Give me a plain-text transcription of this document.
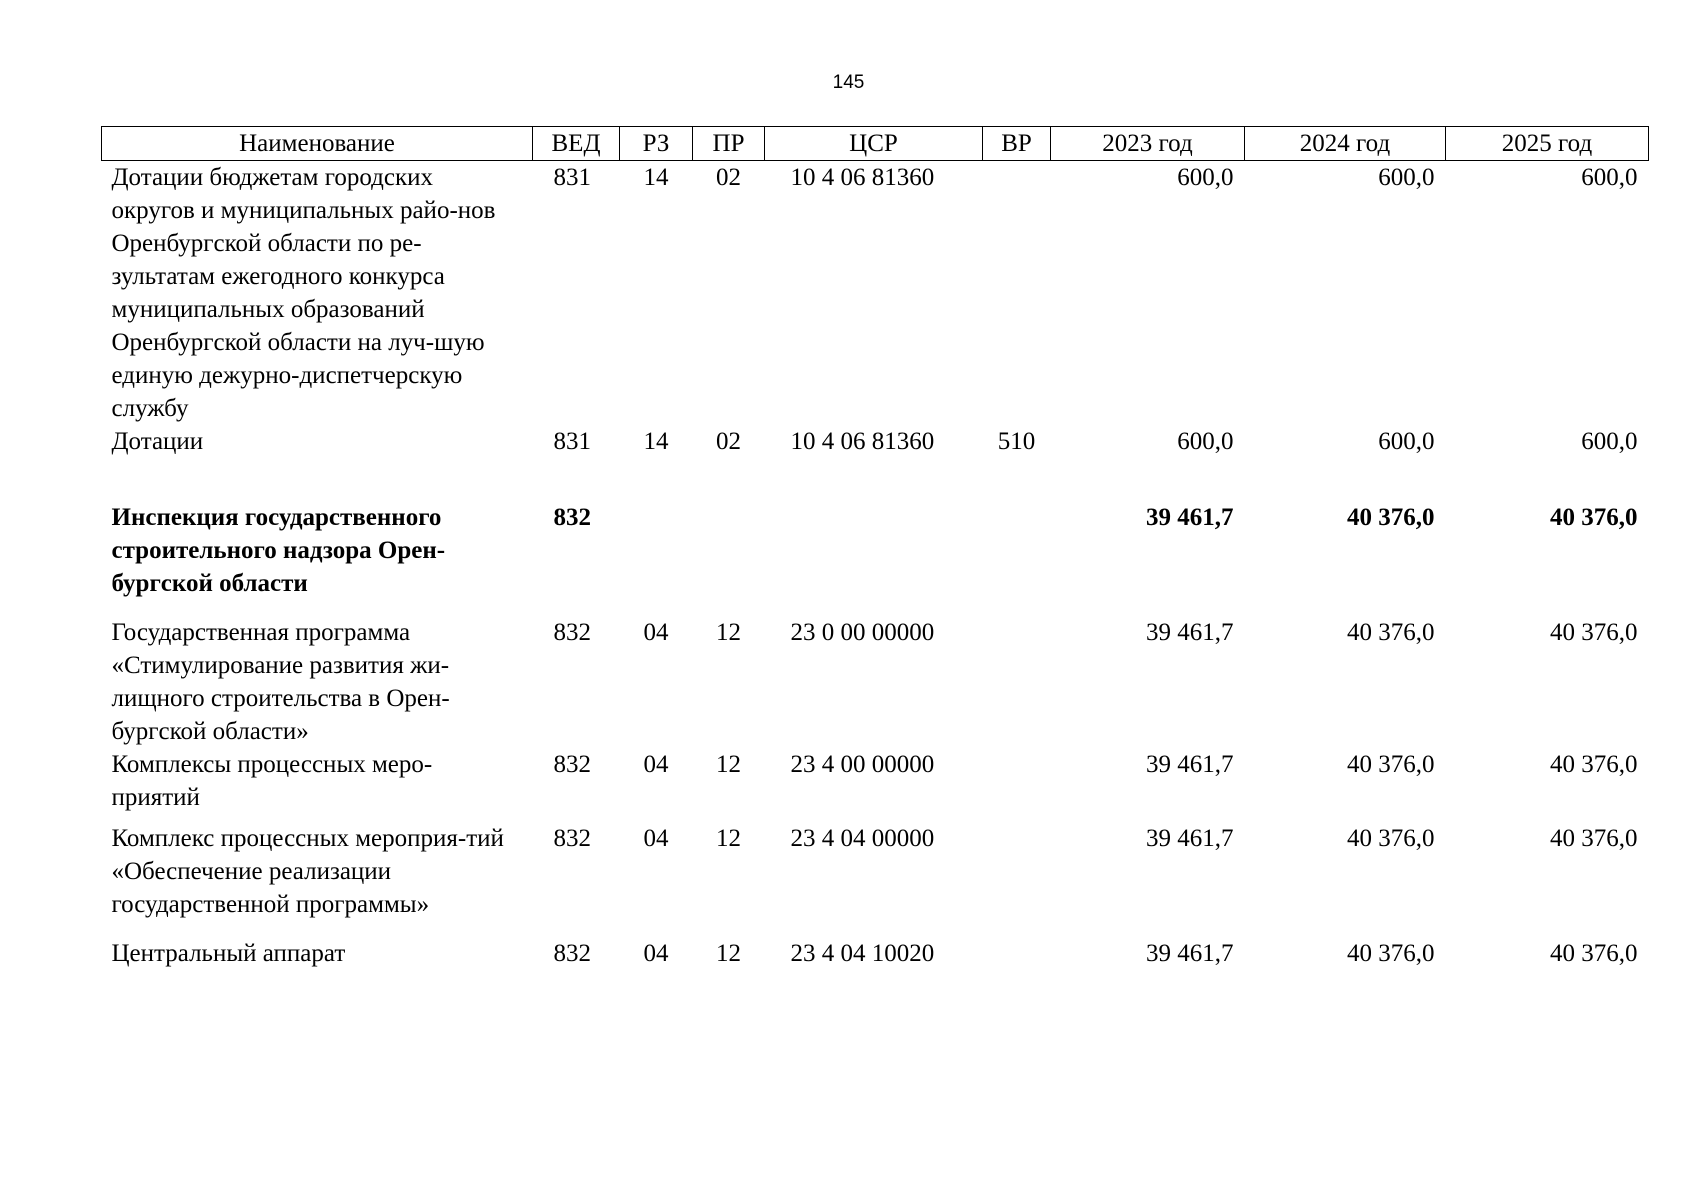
145
Наименование	ВЕД	РЗ	ПР	ЦСР	ВР	2023 год	2024 год	2025 год
Дотации бюджетам городских округов и муниципальных райо-нов Оренбургской области по ре-зультатам ежегодного конкурса муниципальных образований Оренбургской области на луч-шую единую дежурно-диспетчерскую службу	831	14	02	10 4 06 81360		600,0	600,0	600,0
Дотации	831	14	02	10 4 06 81360	510	600,0	600,0	600,0
Инспекция государственного строительного надзора Орен-бургской области	832					39 461,7	40 376,0	40 376,0
Государственная программа «Стимулирование развития жи-лищного строительства в Орен-бургской области»	832	04	12	23 0 00 00000		39 461,7	40 376,0	40 376,0
Комплексы процессных меро-приятий	832	04	12	23 4 00 00000		39 461,7	40 376,0	40 376,0
Комплекс процессных мероприя-тий «Обеспечение реализации государственной программы»	832	04	12	23 4 04 00000		39 461,7	40 376,0	40 376,0
Центральный аппарат	832	04	12	23 4 04 10020		39 461,7	40 376,0	40 376,0
